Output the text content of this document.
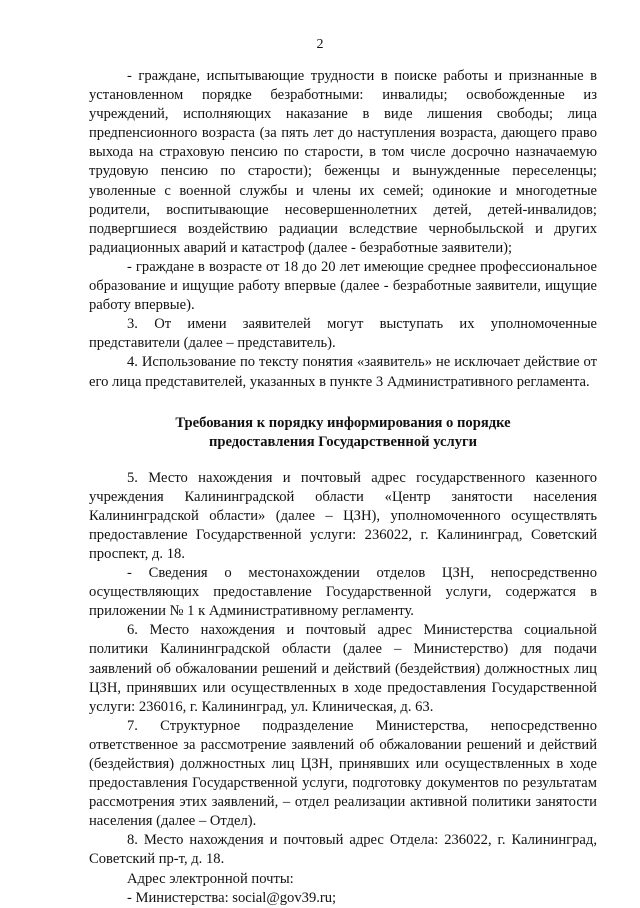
2

- граждане, испытывающие трудности в поиске работы и признанные в установленном порядке безработными: инвалиды; освобожденные из учреждений, исполняющих наказание в виде лишения свободы; лица предпенсионного возраста (за пять лет до наступления возраста, дающего право выхода на страховую пенсию по старости, в том числе досрочно назначаемую трудовую пенсию по старости); беженцы и вынужденные переселенцы; уволенные с военной службы и члены их семей; одинокие и многодетные родители, воспитывающие несовершеннолетних детей, детей-инвалидов; подвергшиеся воздействию радиации вследствие чернобыльской и других радиационных аварий и катастроф (далее - безработные заявители);

- граждане в возрасте от 18 до 20 лет имеющие среднее профессиональное образование и ищущие работу впервые (далее - безработные заявители, ищущие работу впервые).

3. От имени заявителей могут выступать их уполномоченные представители (далее – представитель).

4. Использование по тексту понятия «заявитель» не исключает действие от его лица представителей, указанных в пункте 3 Административного регламента.

Требования к порядку информирования о порядке
предоставления Государственной услуги

5. Место нахождения и почтовый адрес государственного казенного учреждения Калининградской области «Центр занятости населения Калининградской области» (далее – ЦЗН), уполномоченного осуществлять предоставление Государственной услуги: 236022, г. Калининград, Советский проспект, д. 18.

- Сведения о местонахождении отделов ЦЗН, непосредственно осуществляющих предоставление Государственной услуги, содержатся в приложении № 1 к Административному регламенту.

6. Место нахождения и почтовый адрес Министерства социальной политики Калининградской области (далее – Министерство) для подачи заявлений об обжаловании решений и действий (бездействия) должностных лиц ЦЗН, принявших или осуществленных в ходе предоставления Государственной услуги: 236016, г. Калининград, ул. Клиническая, д. 63.

7. Структурное подразделение Министерства, непосредственно ответственное за рассмотрение заявлений об обжаловании решений и действий (бездействия) должностных лиц ЦЗН, принявших или осуществленных в ходе предоставления Государственной услуги, подготовку документов по результатам рассмотрения этих заявлений, – отдел реализации активной политики занятости населения (далее – Отдел).

8. Место нахождения и почтовый адрес Отдела: 236022, г. Калининград, Советский пр-т, д. 18.

Адрес электронной почты:

- Министерства: social@gov39.ru;
